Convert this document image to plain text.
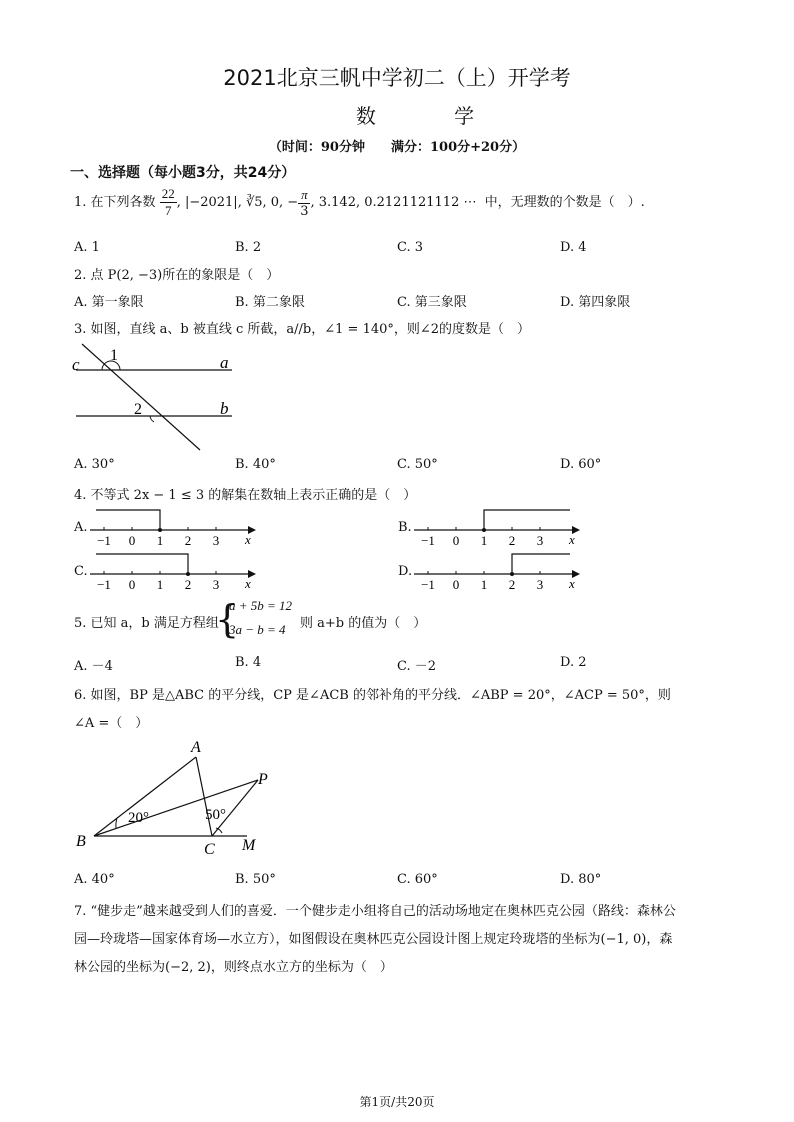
2021北京三帆中学初二（上）开学考
数 学
（时间：90分钟　　满分：100分+20分）
一、选择题（每小题3分，共24分）
1. 在下列各数 $\frac{22}{7}$ , |−2021|, ∛5, 0, − $\frac{\pi}{3}$ , 3.142, 0.2121121112 ⋯ 中，无理数的个数是（　）.
A. 1	B. 2	C. 3	D. 4
2. 点 P(2, −3)所在的象限是（　）
A. 第一象限	B. 第二象限	C. 第三象限	D. 第四象限
3. 如图，直线 a、b 被直线 c 所截，a//b，∠1 = 140°，则∠2的度数是（　）
c 1	a
2	b
A. 30°	B. 40°	C. 50°	D. 60°
4. 不等式 2x − 1 ≤ 3 的解集在数轴上表示正确的是（　）
A.	B.
C.	D.
−1 0 1 2 3 x	−1 0 1 2 3 x
−1 0 1 2 3 x	−1 0 1 2 3 x
5. 已知 a，b 满足方程组
{
a + 5b = 12
3a − b = 4 则 a+b 的值为（　）
A. －4	B. 4	C. －2	D. 2
6. 如图，BP 是△ABC 的平分线，CP 是∠ACB 的邻补角的平分线．∠ABP = 20°，∠ACP = 50°，则
∠A =（　）
A
P
B	C M
20°	50°
A. 40°	B. 50°	C. 60°	D. 80°
7. “健步走”越来越受到人们的喜爱．一个健步走小组将自己的活动场地定在奥林匹克公园（路线：森林公
园—玲珑塔—国家体育场—水立方），如图假设在奥林匹克公园设计图上规定玲珑塔的坐标为(−1, 0)，森
林公园的坐标为(−2, 2)，则终点水立方的坐标为（　）
第1页/共20页
